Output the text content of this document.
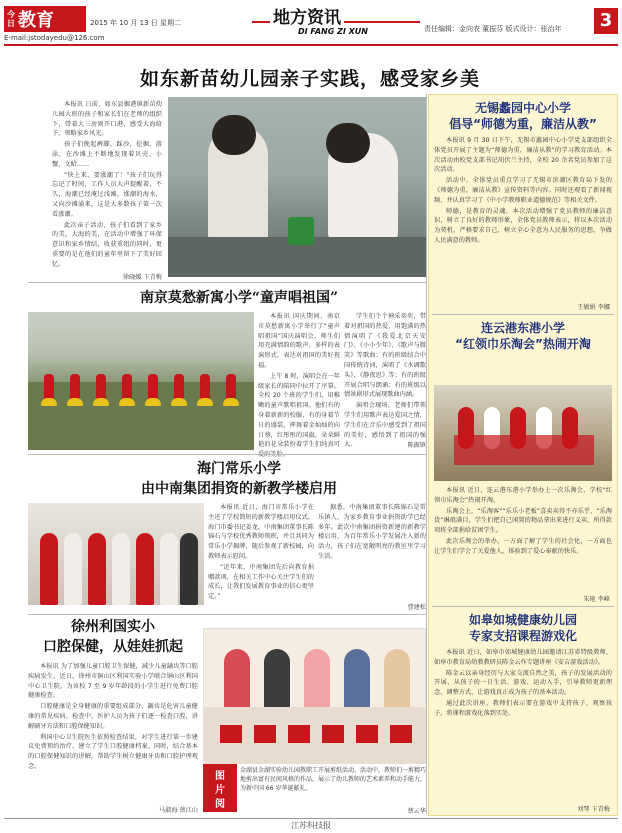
今日 教育	2015 年 10 月 13 日 星期二
E-mail:jstodayedu@126.com
地方资讯
DI FANG ZI XUN	责任编辑：金向农 董振芬 版式设计：张治年	3
如东新苗幼儿园亲子实践，感受家乡美

本报讯 日前，如东县掘港镇新苗幼儿园大班的孩子和家长们在老师的组织下，带着大三房则开口港，感受大海给予，领略家乡风光。

孩子们挽起裤脚，踩沙，挖掘，游泳，在沙滩上不断地发现着贝壳、小蟹、文蛤……

“快上来，要涨潮了！”孩子们玩得忘记了时间，工作人员大声提醒着，不久，海潮已经淹过浅滩，涨潮的海水，又向沙滩涌来，这是大多数孩子第一次看涨潮。

此次亲子活动，孩子们看到了家乡的美，大海的美，在活动中增强了环保意识和家乡情结，收获重组的同时，更重要的是在他们的童年里留下了美好回忆。

徐晓媛 卞青梅
南京莫愁新寓小学“童声唱祖国”

本报讯 国庆期间，南京市莫愁新寓小学举行了“童声唱祖国”国庆演唱会，师生们用充满情韵的歌声、多样的表演形式，表达对祖国的美好祝福。

上午 8 时，演唱会在一年级家长的陪同中拉开了序幕。全校 20 个班的学生们，用稚嫩的童声歌唱祖国。他们有的身着新新的校服，有的身着节日的盛装，挥舞着金灿灿的向日葵，红彤彤的国旗，朵朵鲜艳的花朵装扮着学生们纯真可

学生们个个神采奕奕，带着对祖国的热爱，用饱满的热情演唱了《我爱北京天安门》、《小小少年》、《歌声与微笑》等歌曲；有的班级结合中国传统诗词，演唱了《水调歌头》、《静夜思》等；有的班级开展合唱与朗诵；有的班级以情景剧形式展现歌曲内涵。

演唱会现场，老师们带领学生们用歌声表达爱国之情，学生们在音乐中感受到了祖国的美好，感悟到了祖国的强大。	陈振镇
海门常乐小学
由中南集团捐资的新教学楼启用

本报讯 近日，海门市常乐小学在主还了学校简短的新教学楼启用仪式。海门市委书记姜龙，中南集团董事长陈锦石与学校优秀教师领班，并且共同为常乐小学揭牌，随后参观了新校园，向教师表示慰问。

“近年来，中南集团先后向教育捐赠款项，在相关工作中心关注学生们的成长，让我们发展教育事业的信心更坚定。”

据悉，中南集团董事长陈锦石是常乐镇人，为家乡教育事业捐资助学已经多年。此次中南集团捐资新建的新教学楼启用，为百年常乐小学发展注入新的活力，孩子们在宽敞明亮的教室里学习生活。

曹建松
徐州利国实小
口腔保健，从娃娃抓起

本报讯 为了加强儿童口腔卫生保健，减少儿童龋齿等口腔疾病发生，近日，徐州市铜山区利国实验小学联合铜山区利国中心卫生院，为该校 7 至 9 岁年龄段的小学生进行免费口腔健康检查。

口腔健康是全身健康的重要组成部分，龋齿是危害儿童健康的常见疾病。检查中，医护人员为孩子们逐一检查口腔，讲解刷牙方法和口腔保健知识。

利国中心卫生院医生依照检查结果，对学生进行第一步建议免费预约治疗，建立了学生口腔健康档案。同时，结合基本的口腔保健知识的讲解，帮助学生树立健康牙齿和口腔护理观念。

马淑海 蔡江山
图
片
阅
金湖县金湖实验幼儿园教职工开展剪纸活动。活动中，教师们一剪精巧地剪出富有民间风格的作品，展示了幼儿教师的艺术素养和动手能力，为新中国 66 岁华诞献礼。
蔡云华
无锡蠡园中心小学
倡导“师德为重，廉洁从教”

本报讯 9 月 30 日下午，无锡市蠡园中心小学党支部组织全体党员开展了主题为“师德为重，廉洁从教”的学习教育活动。本次活动由校党支部书记胡伏兰主持，全校 20 余名党员参加了这次活动。

活动中，全体党员重点学习了无锡市滨湖区教育局下发的《师德为重，廉洁从教》宣传资料等内容。同时还观看了新闻视频，并认真学习了《中小学教师职业道德规范》等相关文件。

师德，是教育的灵魂。本次活动增强了党员教师的廉洁意识，树立了良好的教师形象，全体党员教师表示，将以本次活动为契机，严格要求自己，树立全心全意为人民服务的思想，争做人民满意的教师。

王敏娟 李娜
连云港东港小学
“红领巾乐淘会”热闹开淘

本报讯 近日，连云港东港小学举办上一次乐淘会，学校“红领巾乐淘会”热闹开淘。

乐淘会上，“乐淘客”“乐乐小老板”喜卖卖得不亦乐乎，“乐淘货”琳琅满目，学生们把自己闲置的物品拿出来进行义卖，所得款项将全部捐给贫困学生。

此次乐淘会的举办，一方面了解了学生的社会化，一方面也让学生们学会了关爱他人，体验到了爱心奉献的快乐。

朱艳 李峰
如皋如城健康幼儿园
专家支招课程游戏化

本报讯 近日，如皋市如城健康幼儿园邀请江苏省特级教师、如皋市教育局幼教教研员陈金云作专题讲座《安吉游戏活动》。

陈金云以亲身经历与大家交流自然之美，孩子的发展活动的开展，从孩子的一日生活、游戏、运动入手，引导教师更新理念、调整方式，让游戏真正成为孩子的基本活动。

通过此次讲座，教师们表示要在游戏中支持孩子，观察孩子，将课程游戏化落到实处。

刘琴 卞青梅
江苏科技报
